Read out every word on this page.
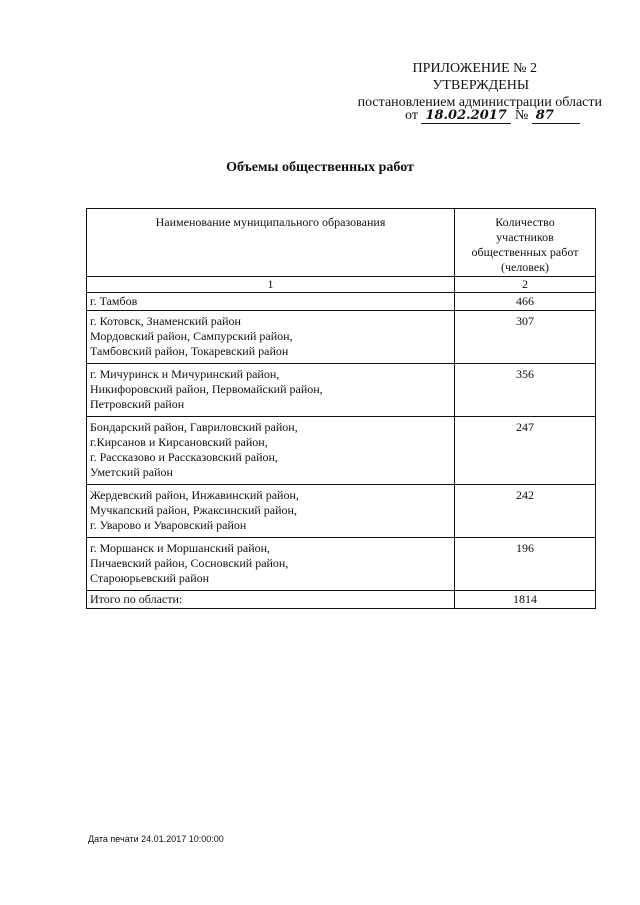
ПРИЛОЖЕНИЕ № 2
УТВЕРЖДЕНЫ
постановлением администрации области
от 18.02.2017 № 87
Объемы общественных работ
Наименование муниципального образования	Количество
участников
общественных работ
(человек)

1	2

г. Тамбов	466

г. Котовск, Знаменский район
Мордовский район, Сампурский район,
Тамбовский район, Токаревский район	307

г. Мичуринск и Мичуринский район,
Никифоровский район, Первомайский район,
Петровский район	356

Бондарский район, Гавриловский район,
г.Кирсанов и Кирсановский район,
г. Рассказово и Рассказовский район,
Уметский район	247

Жердевский район, Инжавинский район,
Мучкапский район, Ржаксинский район,
г. Уварово и Уваровский район	242

г. Моршанск и Моршанский район,
Пичаевский район, Сосновский район,
Староюрьевский район	196
Итого по области:	1814
Дата печати 24.01.2017 10:00:00
